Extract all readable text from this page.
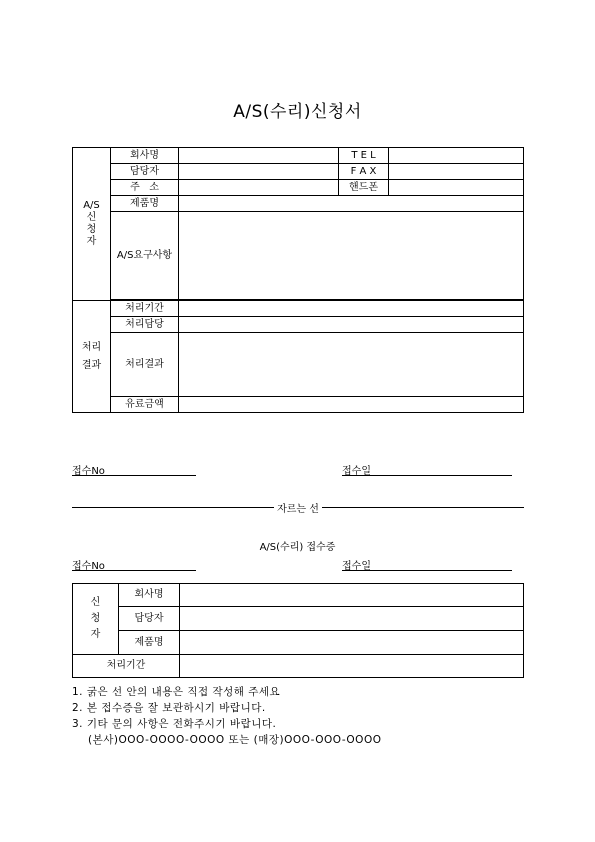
A/S(수리)신청서
A/S
신
청
자	회사명		T E L	
	담당자		F A X	
	주   소		핸드폰	
	제품명			
	A/S요구사항			

처리
결과	처리기간			
	처리담당			
	처리결과			
	유료금액			
접수No	접수일
자르는 선
A/S(수리) 접수증
접수No	접수일
신
청
자	회사명	
	담당자	
	제품명	
처리기간		
1. 굵은 선 안의 내용은 직접 작성해 주세요
2. 본 접수증을 잘 보관하시기 바랍니다.
3. 기타 문의 사항은 전화주시기 바랍니다.
(본사)OOO-OOOO-OOOO 또는 (매장)OOO-OOO-OOOO
